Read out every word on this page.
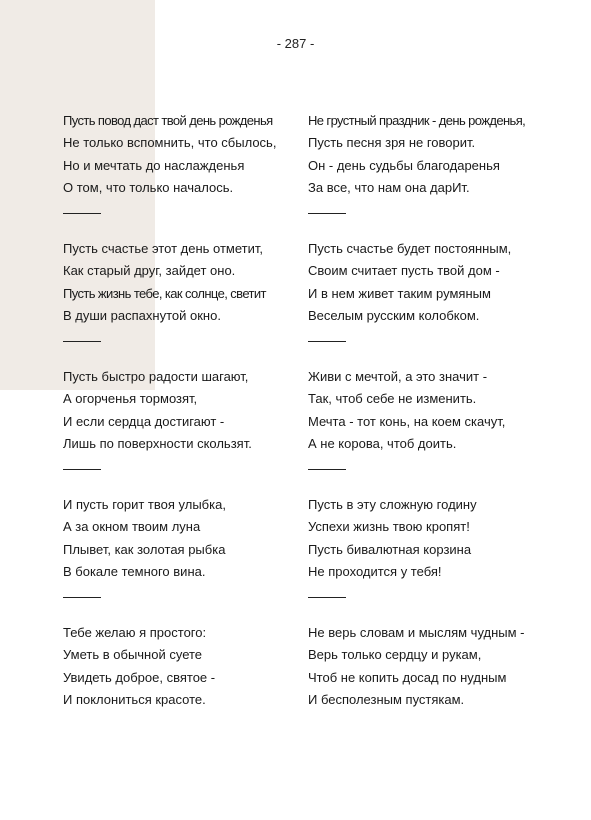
- 287 -
Пусть повод даст твой день рожденья
Не только вспомнить, что сбылось,
Но и мечтать до наслажденья
О том, что только началось.
Пусть счастье этот день отметит,
Как старый друг, зайдет оно.
Пусть жизнь тебе, как солнце, светит
В души распахнутой окно.
Пусть быстро радости шагают,
А огорченья тормозят,
И если сердца достигают -
Лишь по поверхности скользят.
И пусть горит твоя улыбка,
А за окном твоим луна
Плывет, как золотая рыбка
В бокале темного вина.
Тебе желаю я простого:
Уметь в обычной суете
Увидеть доброе, святое -
И поклониться красоте.
Не грустный праздник - день рожденья,
Пусть песня зря не говорит.
Он - день судьбы благодаренья
За все, что нам она дарИт.
Пусть счастье будет постоянным,
Своим считает пусть твой дом -
И в нем живет таким румяным
Веселым русским колобком.
Живи с мечтой, а это значит -
Так, чтоб себе не изменить.
Мечта - тот конь, на коем скачут,
А не корова, чтоб доить.
Пусть в эту сложную годину
Успехи жизнь твою кропят!
Пусть бивалютная корзина
Не проходится у тебя!
Не верь словам и мыслям чудным -
Верь только сердцу и рукам,
Чтоб не копить досад по нудным
И бесполезным пустякам.
